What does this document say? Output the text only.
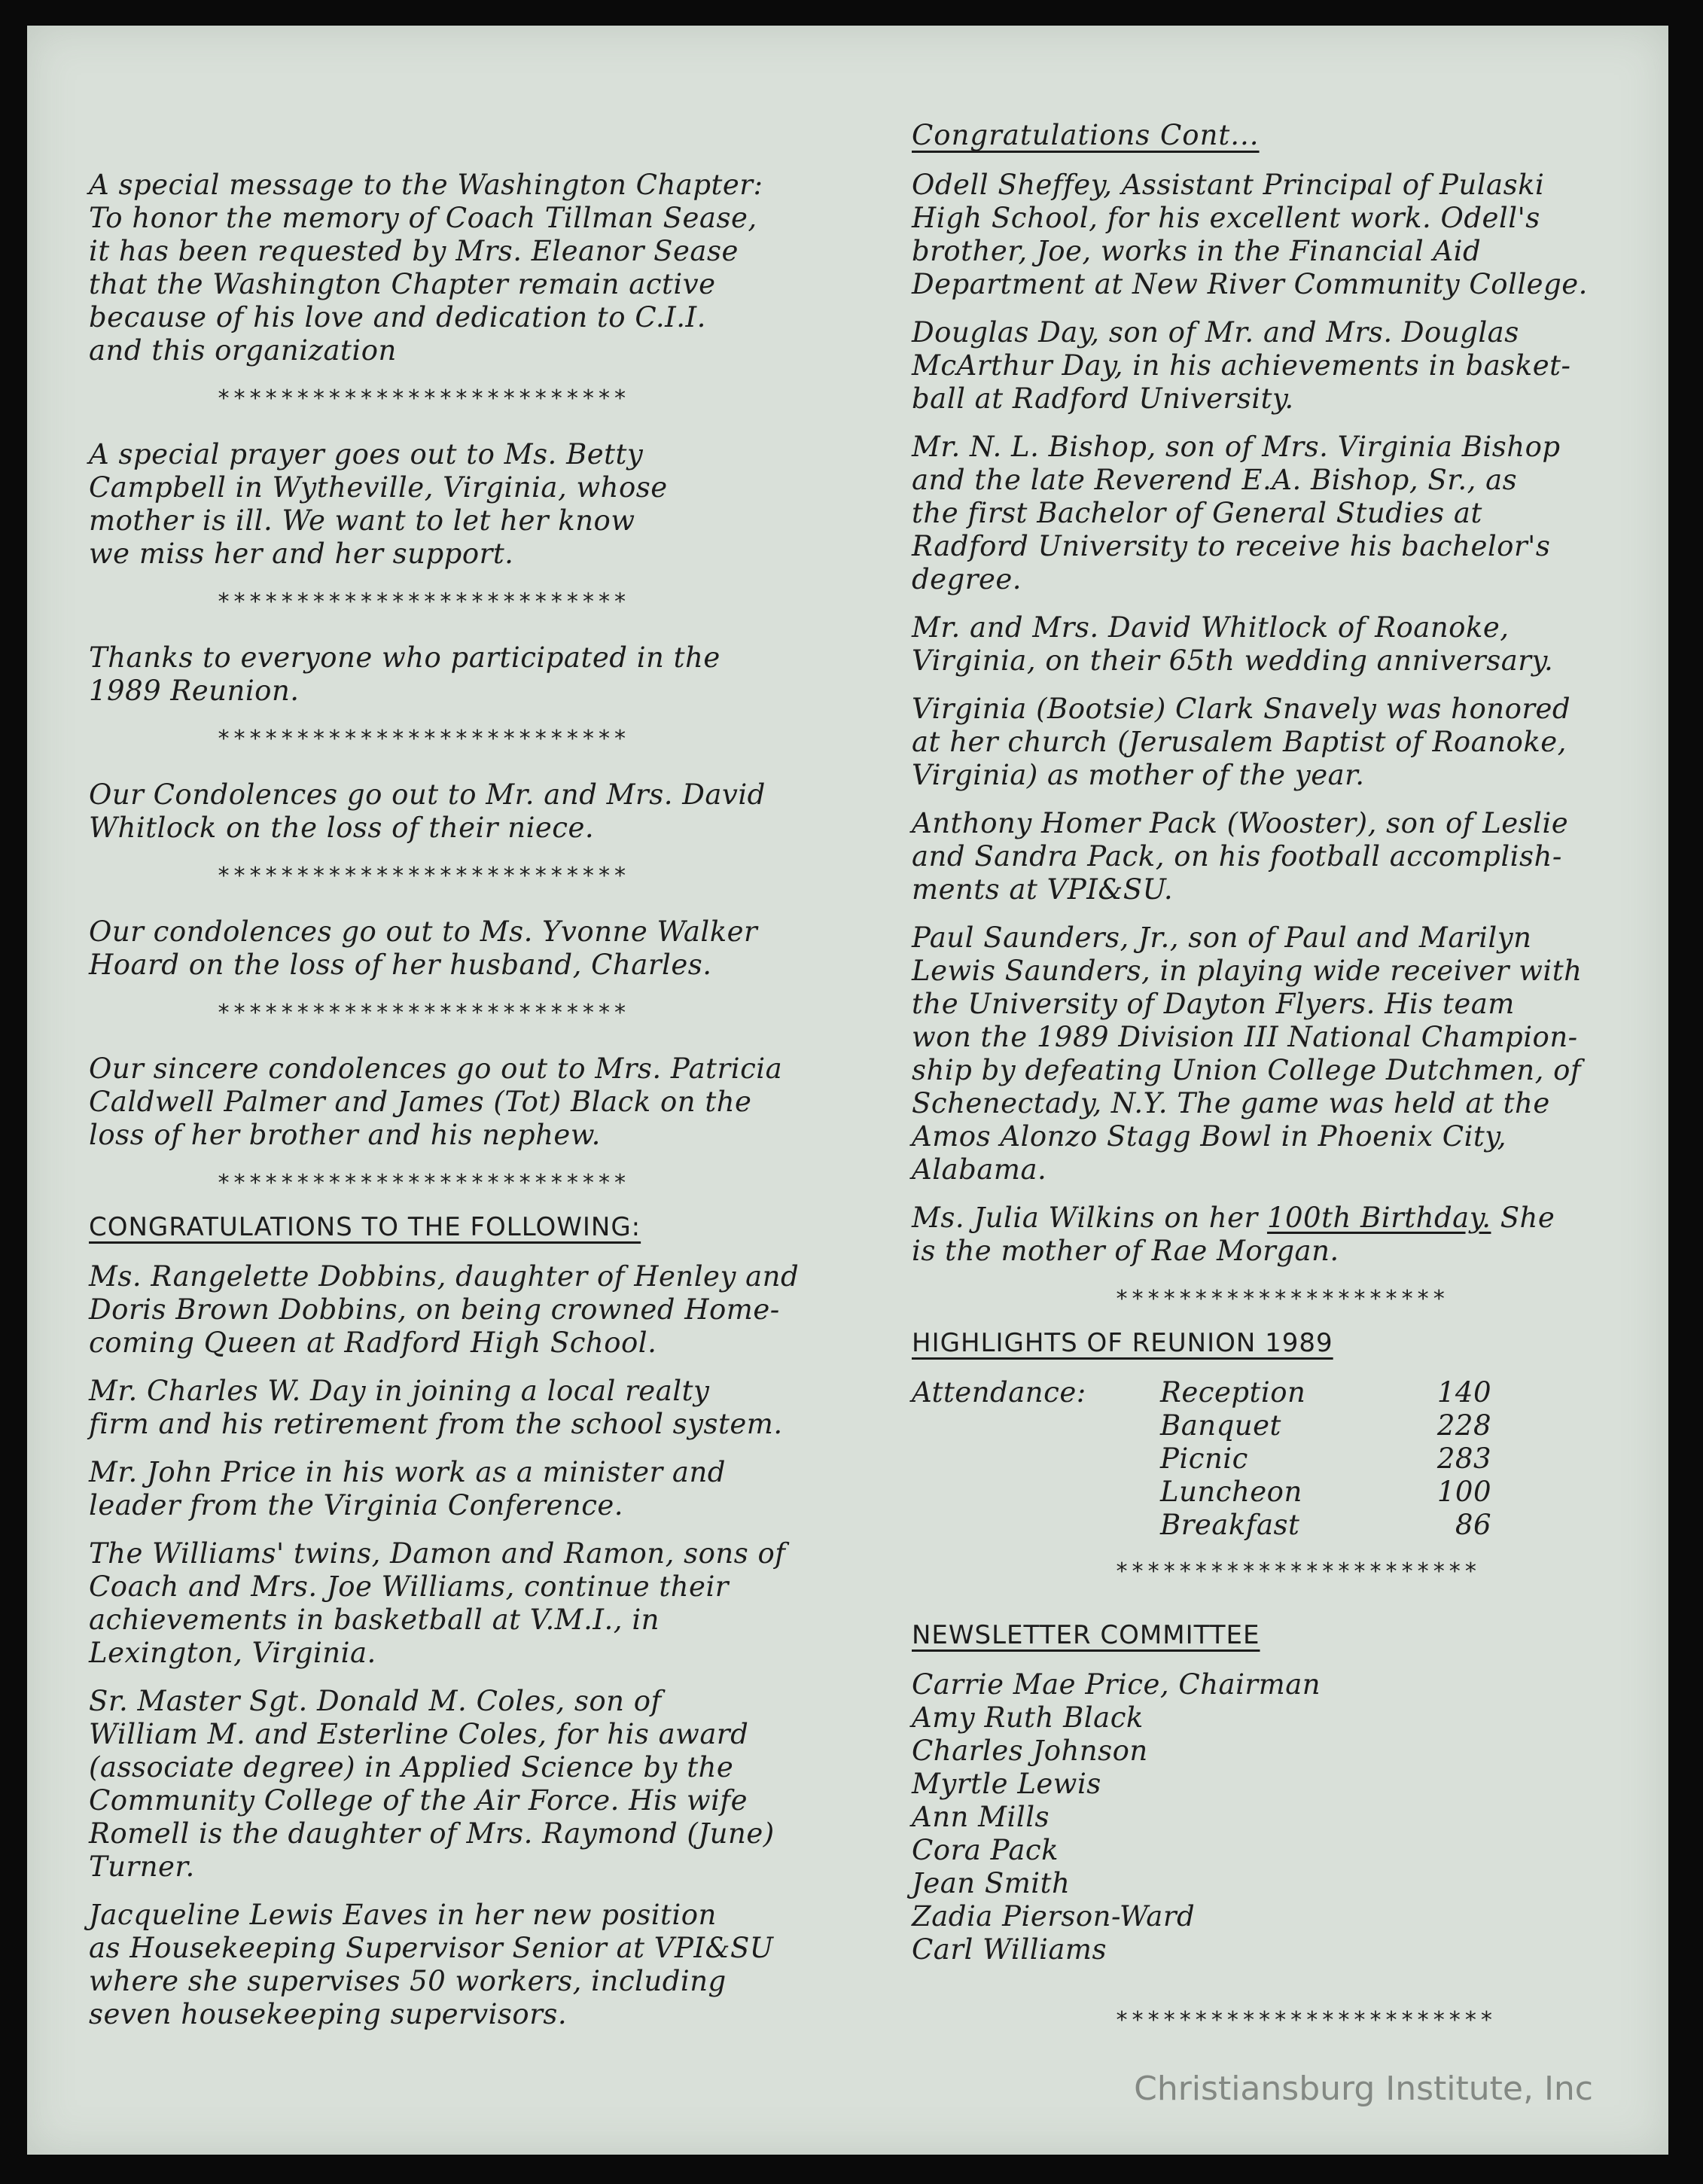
A special message to the Washington Chapter:
To honor the memory of Coach Tillman Sease,
it has been requested by Mrs. Eleanor Sease
that the Washington Chapter remain active
because of his love and dedication to C.I.I.
and this organization

**************************

A special prayer goes out to Ms. Betty
Campbell in Wytheville, Virginia, whose
mother is ill. We want to let her know
we miss her and her support.

**************************

Thanks to everyone who participated in the
1989 Reunion.

**************************

Our Condolences go out to Mr. and Mrs. David
Whitlock on the loss of their niece.

**************************

Our condolences go out to Ms. Yvonne Walker
Hoard on the loss of her husband, Charles.

**************************

Our sincere condolences go out to Mrs. Patricia
Caldwell Palmer and James (Tot) Black on the
loss of her brother and his nephew.

**************************
CONGRATULATIONS TO THE FOLLOWING:

Ms. Rangelette Dobbins, daughter of Henley and
Doris Brown Dobbins, on being crowned Home-
coming Queen at Radford High School.

Mr. Charles W. Day in joining a local realty
firm and his retirement from the school system.

Mr. John Price in his work as a minister and
leader from the Virginia Conference.

The Williams' twins, Damon and Ramon, sons of
Coach and Mrs. Joe Williams, continue their
achievements in basketball at V.M.I., in
Lexington, Virginia.

Sr. Master Sgt. Donald M. Coles, son of
William M. and Esterline Coles, for his award
(associate degree) in Applied Science by the
Community College of the Air Force. His wife
Romell is the daughter of Mrs. Raymond (June)
Turner.

Jacqueline Lewis Eaves in her new position
as Housekeeping Supervisor Senior at VPI&SU
where she supervises 50 workers, including
seven housekeeping supervisors.

Congratulations Cont...

Odell Sheffey, Assistant Principal of Pulaski
High School, for his excellent work. Odell's
brother, Joe, works in the Financial Aid
Department at New River Community College.

Douglas Day, son of Mr. and Mrs. Douglas
McArthur Day, in his achievements in basket-
ball at Radford University.

Mr. N. L. Bishop, son of Mrs. Virginia Bishop
and the late Reverend E.A. Bishop, Sr., as
the first Bachelor of General Studies at
Radford University to receive his bachelor's
degree.

Mr. and Mrs. David Whitlock of Roanoke,
Virginia, on their 65th wedding anniversary.

Virginia (Bootsie) Clark Snavely was honored
at her church (Jerusalem Baptist of Roanoke,
Virginia) as mother of the year.

Anthony Homer Pack (Wooster), son of Leslie
and Sandra Pack, on his football accomplish-
ments at VPI&SU.

Paul Saunders, Jr., son of Paul and Marilyn
Lewis Saunders, in playing wide receiver with
the University of Dayton Flyers. His team
won the 1989 Division III National Champion-
ship by defeating Union College Dutchmen, of
Schenectady, N.Y. The game was held at the
Amos Alonzo Stagg Bowl in Phoenix City,
Alabama.

Ms. Julia Wilkins on her 100th Birthday. She
is the mother of Rae Morgan.

*********************
HIGHLIGHTS OF REUNION 1989
Attendance:	Reception	140
Banquet	228
Picnic	283
Luncheon	100
Breakfast	86
***********************
NEWSLETTER COMMITTEE
Carrie Mae Price, Chairman
Amy Ruth Black
Charles Johnson
Myrtle Lewis
Ann Mills
Cora Pack
Jean Smith
Zadia Pierson-Ward
Carl Williams
************************
Christiansburg Institute, Inc
